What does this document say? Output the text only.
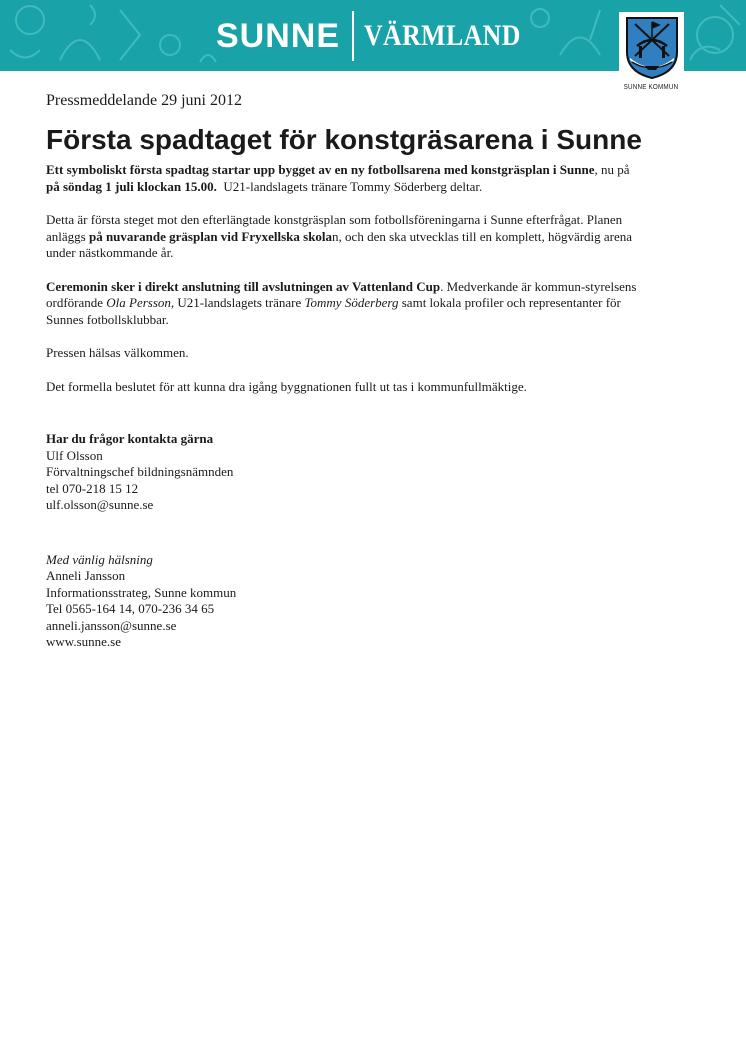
SUNNE VÄRMLAND
SUNNE KOMMUN

Pressmeddelande 29 juni 2012

Första spadtaget för konstgräsarena i Sunne

Ett symboliskt första spadtag startar upp bygget av en ny fotbollsarena med konstgräsplan i Sunne, nu på på söndag 1 juli klockan 15.00.  U21-landslagets tränare Tommy Söderberg deltar.

Detta är första steget mot den efterlängtade konstgräsplan som fotbollsföreningarna i Sunne efterfrågat. Planen anläggs på nuvarande gräsplan vid Fryxellska skolan, och den ska utvecklas till en komplett, högvärdig arena under nästkommande år.

Ceremonin sker i direkt anslutning till avslutningen av Vattenland Cup. Medverkande är kommun-styrelsens ordförande Ola Persson, U21-landslagets tränare Tommy Söderberg samt lokala profiler och representanter för Sunnes fotbollsklubbar.

Pressen hälsas välkommen.

Det formella beslutet för att kunna dra igång byggnationen fullt ut tas i kommunfullmäktige.

Har du frågor kontakta gärna

Ulf Olsson

Förvaltningschef bildningsnämnden

tel 070-218 15 12

ulf.olsson@sunne.se

Med vänlig hälsning

Anneli Jansson

Informationsstrateg, Sunne kommun

Tel 0565-164 14, 070-236 34 65

anneli.jansson@sunne.se

www.sunne.se
